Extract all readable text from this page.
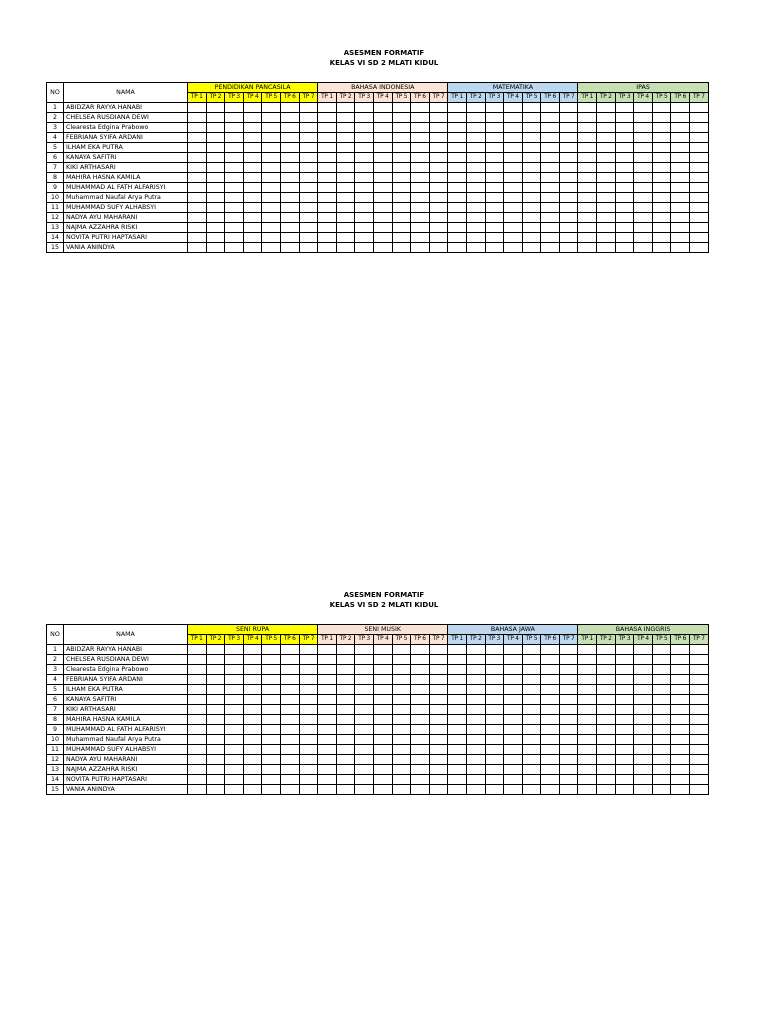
ASESMEN FORMATIF
KELAS VI SD 2 MLATI KIDUL
NO	NAMA	PENDIDIKAN PANCASILA							BAHASA INDONESIA							MATEMATIKA							IPAS						
		TP 1	TP 2	TP 3	TP 4	TP 5	TP 6	TP 7	TP 1	TP 2	TP 3	TP 4	TP 5	TP 6	TP 7	TP 1	TP 2	TP 3	TP 4	TP 5	TP 6	TP 7	TP 1	TP 2	TP 3	TP 4	TP 5	TP 6	TP 7
1	ABIDZAR RAYYA HANABI																												
2	CHELSEA RUSDIANA DEWI																												
3	Clearesta Edgina Prabowo																												
4	FEBRIANA SYIFA ARDANI																												
5	ILHAM EKA PUTRA																												
6	KANAYA SAFITRI																												
7	KIKI ARTHASARI																												
8	MAHIRA HASNA KAMILA																												
9	MUHAMMAD AL FATH ALFARISYI																												
10	Muhammad Naufal Arya Putra																												
11	MUHAMMAD SUFY ALHABSYI																												
12	NADYA AYU MAHARANI																												
13	NAJMA AZZAHRA RISKI																												
14	NOVITA PUTRI HAPTASARI																												
15	VANIA ANINDYA																												
ASESMEN FORMATIF
KELAS VI SD 2 MLATI KIDUL
NO	NAMA	SENI RUPA							SENI MUSIK							BAHASA JAWA							BAHASA INGGRIS						
		TP 1	TP 2	TP 3	TP 4	TP 5	TP 6	TP 7	TP 1	TP 2	TP 3	TP 4	TP 5	TP 6	TP 7	TP 1	TP 2	TP 3	TP 4	TP 5	TP 6	TP 7	TP 1	TP 2	TP 3	TP 4	TP 5	TP 6	TP 7
1	ABIDZAR RAYYA HANABI																												
2	CHELSEA RUSDIANA DEWI																												
3	Clearesta Edgina Prabowo																												
4	FEBRIANA SYIFA ARDANI																												
5	ILHAM EKA PUTRA																												
6	KANAYA SAFITRI																												
7	KIKI ARTHASARI																												
8	MAHIRA HASNA KAMILA																												
9	MUHAMMAD AL FATH ALFARISYI																												
10	Muhammad Naufal Arya Putra																												
11	MUHAMMAD SUFY ALHABSYI																												
12	NADYA AYU MAHARANI																												
13	NAJMA AZZAHRA RISKI																												
14	NOVITA PUTRI HAPTASARI																												
15	VANIA ANINDYA																												
